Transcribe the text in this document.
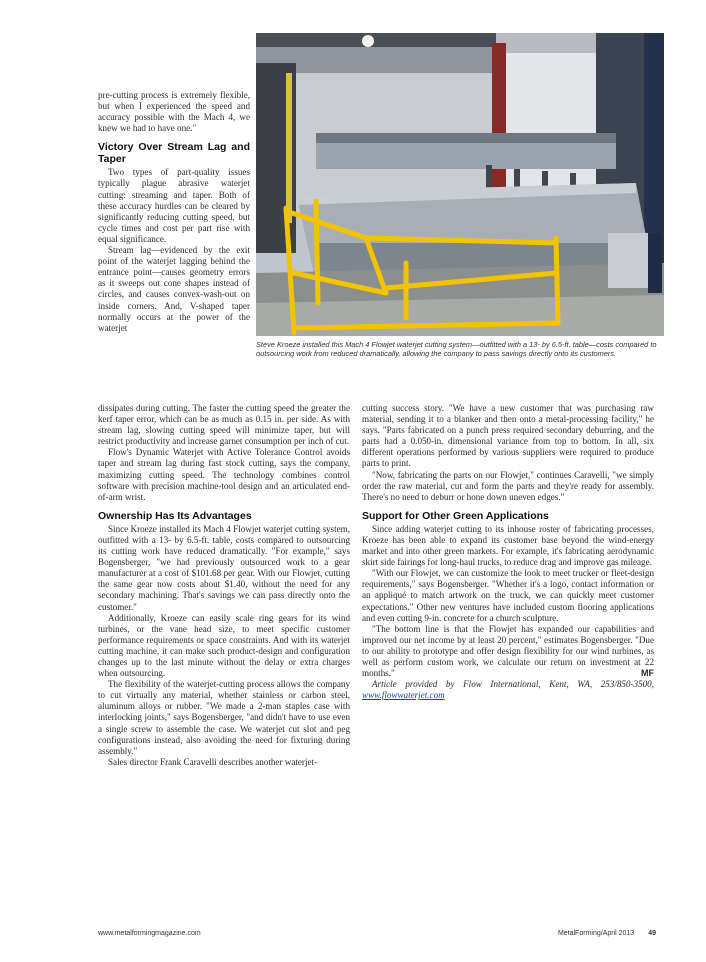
pre-cutting process is extremely flexible, but when I experienced the speed and accuracy possible with the Mach 4, we knew we had to have one."

Victory Over Stream Lag and Taper

Two types of part-quality issues typically plague abrasive waterjet cutting: streaming and taper. Both of these accuracy hurdles can be cleared by significantly reducing cutting speed, but cycle times and cost per part rise with equal significance.

Stream lag—evidenced by the exit point of the waterjet lagging behind the entrance point—causes geometry errors as it sweeps out cone shapes instead of circles, and causes convex-wash-out on inside corners. And, V-shaped taper normally occurs at the power of the waterjet

Steve Kroeze installed this Mach 4 Flowjet waterjet cutting system—outfitted with a 13- by 6.5-ft. table—costs compared to outsourcing work from reduced dramatically, allowing the company to pass savings directly onto its customers.

dissipates during cutting. The faster the cutting speed the greater the kerf taper error, which can be as much as 0.15 in. per side. As with stream lag, slowing cutting speed will minimize taper, but will restrict productivity and increase garnet consumption per inch of cut.

Flow's Dynamic Waterjet with Active Tolerance Control avoids taper and stream lag during fast stock cutting, says the company, maximizing cutting speed. The technology combines control software with precision machine-tool design and an articulated end-of-arm wrist.

Ownership Has Its Advantages

Since Kroeze installed its Mach 4 Flowjet waterjet cutting system, outfitted with a 13- by 6.5-ft. table, costs compared to outsourcing its cutting work have reduced dramatically. "For example," says Bogensberger, "we had previously outsourced work to a gear manufacturer at a cost of $101.68 per gear. With our Flowjet, cutting the same gear now costs about $1.40, without the need for any secondary machining. That's savings we can pass directly onto the customer."

Additionally, Kroeze can easily scale ring gears for its wind turbines, or the vane head size, to meet specific customer performance requirements or space constraints. And with its waterjet cutting machine, it can make such product-design and configuration changes up to the last minute without the delay or extra charges when outsourcing.

The flexibility of the waterjet-cutting process allows the company to cut virtually any material, whether stainless or carbon steel, aluminum alloys or rubber. "We made a 2-man staples case with interlocking joints," says Bogensberger, "and didn't have to use even a single screw to assemble the case. We waterjet cut slot and peg configurations instead, also avoiding the need for fixturing during assembly."

Sales director Frank Caravelli describes another waterjet-

cutting success story. "We have a new customer that was purchasing raw material, sending it to a blanker and then onto a metal-processing facility," he says. "Parts fabricated on a punch press required secondary deburring, and the parts had a 0.050-in. dimensional variance from top to bottom. In all, six different operations performed by various suppliers were required to produce parts to print.

"Now, fabricating the parts on our Flowjet," continues Caravelli, "we simply order the raw material, cut and form the parts and they're ready for assembly. There's no need to deburr or hone down uneven edges."

Support for Other Green Applications

Since adding waterjet cutting to its inhouse roster of fabricating processes, Kroeze has been able to expand its customer base beyond the wind-energy market and into other green markets. For example, it's fabricating aerodynamic skirt side fairings for long-haul trucks, to reduce drag and improve gas mileage.

"With our Flowjet, we can customize the look to meet trucker or fleet-design requirements," says Bogensberger. "Whether it's a logo, contact information or an appliqué to match artwork on the truck, we can quickly meet customer expectations." Other new ventures have included custom flooring applications and even cutting 9-in. concrete for a church sculpture.

"The bottom line is that the Flowjet has expanded our capabilities and improved our net income by at least 20 percent," estimates Bogensberger. "Due to our ability to prototype and offer design flexibility for our wind turbines, as well as perform custom work, we calculate our return on investment at 22 months."	MF

Article provided by Flow International, Kent, WA, 253/850-3500, www.flowwaterjet.com

www.metalformingmagazine.com	MetalForming/April 2013 49
